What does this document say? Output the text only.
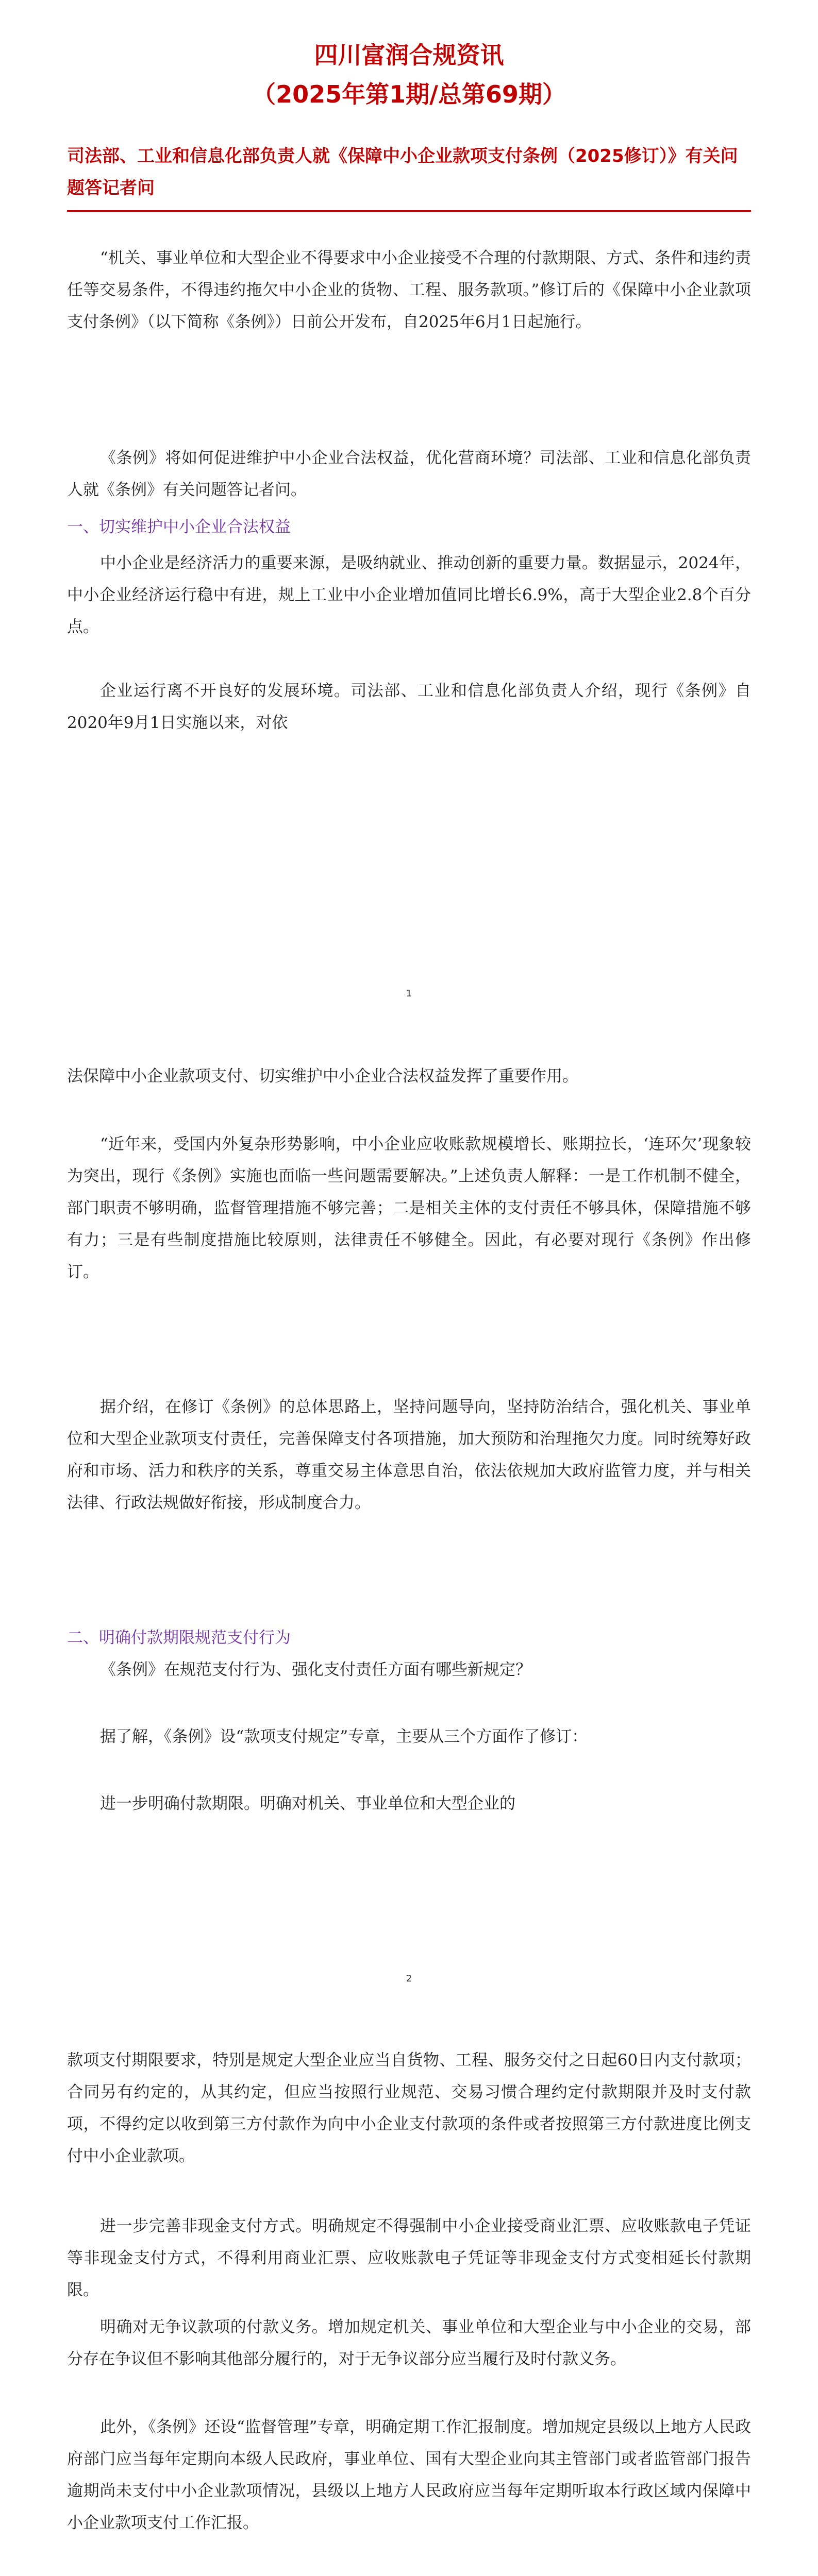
四川富润合规资讯
（2025年第1期/总第69期）
司法部、工业和信息化部负责人就《保障中小企业款项支付条例（2025修订）》有关问题答记者问
“机关、事业单位和大型企业不得要求中小企业接受不合理的付款期限、方式、条件和违约责任等交易条件，不得违约拖欠中小企业的货物、工程、服务款项。”修订后的《保障中小企业款项支付条例》（以下简称《条例》）日前公开发布，自2025年6月1日起施行。
《条例》将如何促进维护中小企业合法权益，优化营商环境？司法部、工业和信息化部负责人就《条例》有关问题答记者问。
一、切实维护中小企业合法权益
中小企业是经济活力的重要来源，是吸纳就业、推动创新的重要力量。数据显示，2024年，中小企业经济运行稳中有进，规上工业中小企业增加值同比增长6.9%，高于大型企业2.8个百分点。
企业运行离不开良好的发展环境。司法部、工业和信息化部负责人介绍，现行《条例》自2020年9月1日实施以来，对依
1
法保障中小企业款项支付、切实维护中小企业合法权益发挥了重要作用。
“近年来，受国内外复杂形势影响，中小企业应收账款规模增长、账期拉长，‘连环欠’现象较为突出，现行《条例》实施也面临一些问题需要解决。”上述负责人解释：一是工作机制不健全，部门职责不够明确，监督管理措施不够完善；二是相关主体的支付责任不够具体，保障措施不够有力；三是有些制度措施比较原则，法律责任不够健全。因此，有必要对现行《条例》作出修订。
据介绍，在修订《条例》的总体思路上，坚持问题导向，坚持防治结合，强化机关、事业单位和大型企业款项支付责任，完善保障支付各项措施，加大预防和治理拖欠力度。同时统筹好政府和市场、活力和秩序的关系，尊重交易主体意思自治，依法依规加大政府监管力度，并与相关法律、行政法规做好衔接，形成制度合力。
二、明确付款期限规范支付行为
《条例》在规范支付行为、强化支付责任方面有哪些新规定？
据了解，《条例》设“款项支付规定”专章，主要从三个方面作了修订：
进一步明确付款期限。明确对机关、事业单位和大型企业的
2
款项支付期限要求，特别是规定大型企业应当自货物、工程、服务交付之日起60日内支付款项；合同另有约定的，从其约定，但应当按照行业规范、交易习惯合理约定付款期限并及时支付款项，不得约定以收到第三方付款作为向中小企业支付款项的条件或者按照第三方付款进度比例支付中小企业款项。
进一步完善非现金支付方式。明确规定不得强制中小企业接受商业汇票、应收账款电子凭证等非现金支付方式，不得利用商业汇票、应收账款电子凭证等非现金支付方式变相延长付款期限。
明确对无争议款项的付款义务。增加规定机关、事业单位和大型企业与中小企业的交易，部分存在争议但不影响其他部分履行的，对于无争议部分应当履行及时付款义务。
此外，《条例》还设“监督管理”专章，明确定期工作汇报制度。增加规定县级以上地方人民政府部门应当每年定期向本级人民政府，事业单位、国有大型企业向其主管部门或者监管部门报告逾期尚未支付中小企业款项情况，县级以上地方人民政府应当每年定期听取本行政区域内保障中小企业款项支付工作汇报。
